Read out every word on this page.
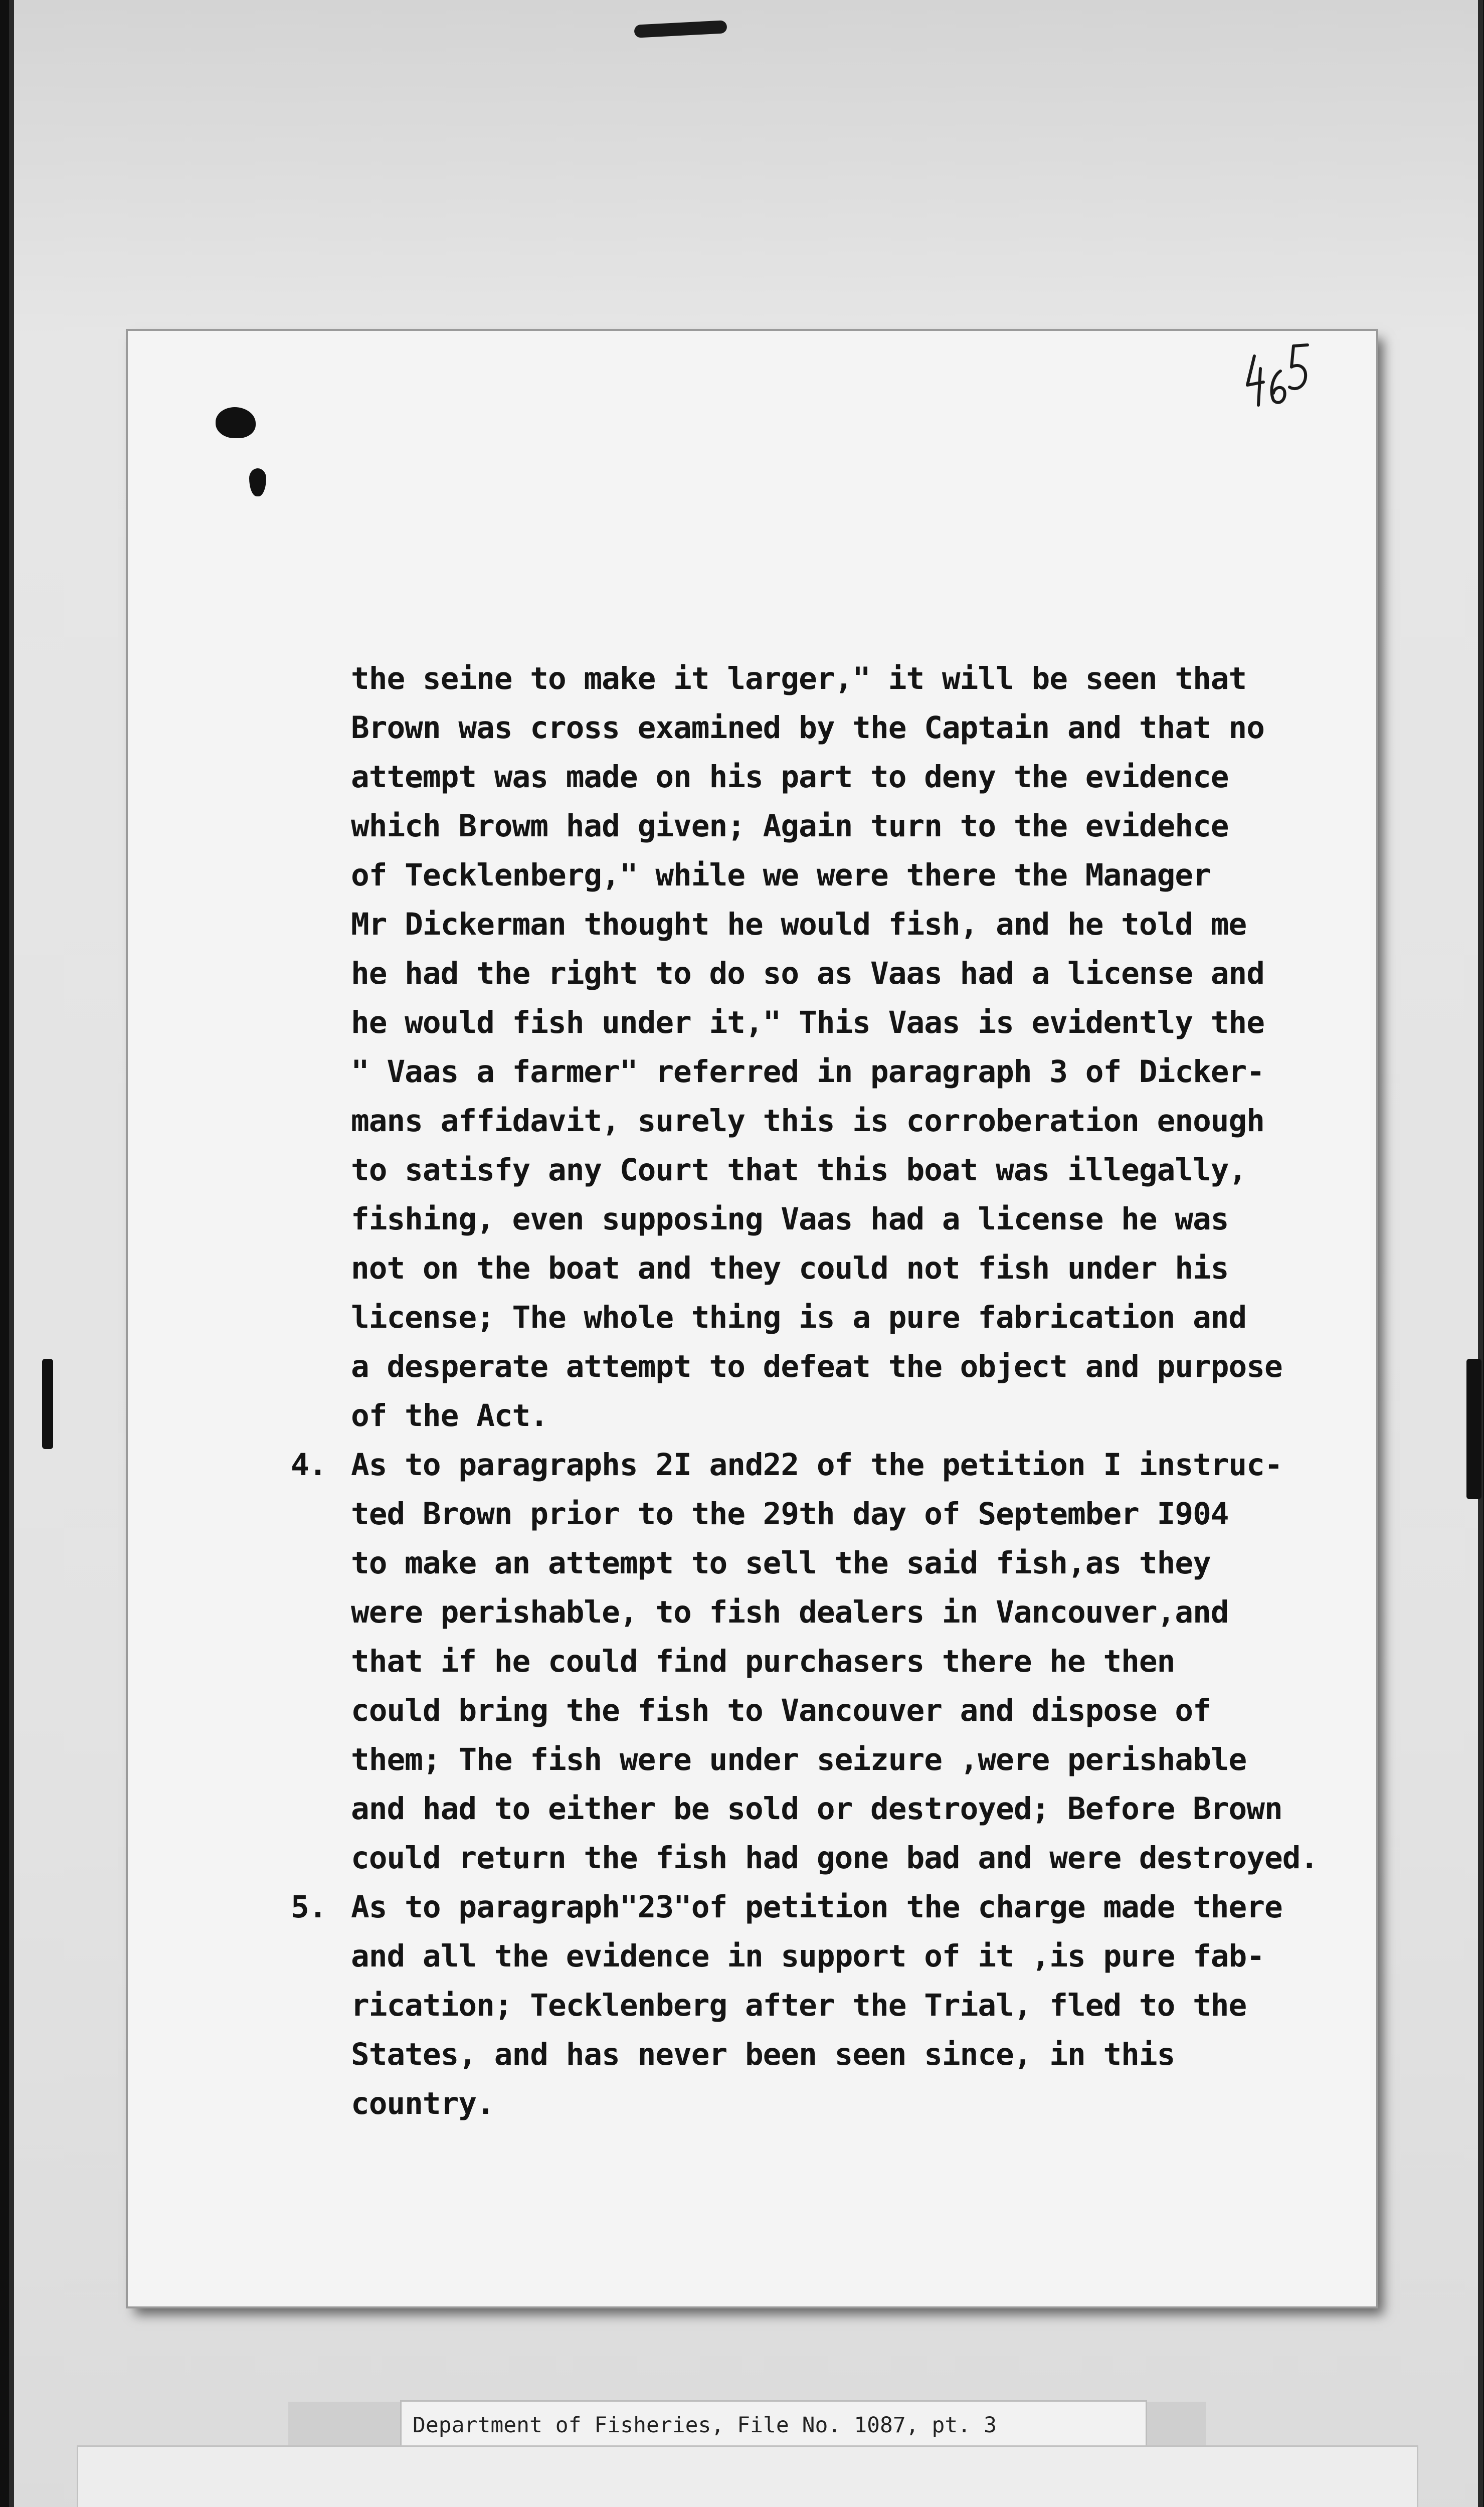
the seine to make it larger," it will be seen that
Brown was cross examined by the Captain and that no
attempt was made on his part to deny the evidence
which Browm had given; Again turn to the evidehce
of Tecklenberg," while we were there the Manager
Mr Dickerman thought he would fish, and he told me
he had the right to do so as Vaas had a license and
he would fish under it," This Vaas is evidently the
" Vaas a farmer" referred in paragraph 3 of Dicker-
mans affidavit, surely this is corroberation enough
to satisfy any Court that this boat was illegally,
fishing, even supposing Vaas had a license he was
not on the boat and they could not fish under his
license; The whole thing is a pure fabrication and
a desperate attempt to defeat the object and purpose
of the Act.
4. As to paragraphs 2I and22 of the petition I instruc-
ted Brown prior to the 29th day of September I904
to make an attempt to sell the said fish,as they
were perishable, to fish dealers in Vancouver,and
that if he could find purchasers there he then
could bring the fish to Vancouver and dispose of
them; The fish were under seizure ,were perishable
and had to either be sold or destroyed; Before Brown
could return the fish had gone bad and were destroyed.
5. As to paragraph"23"of petition the charge made there
and all the evidence in support of it ,is pure fab-
rication; Tecklenberg after the Trial, fled to the
States, and has never been seen since, in this
country.
Department of Fisheries, File No. 1087, pt. 3
